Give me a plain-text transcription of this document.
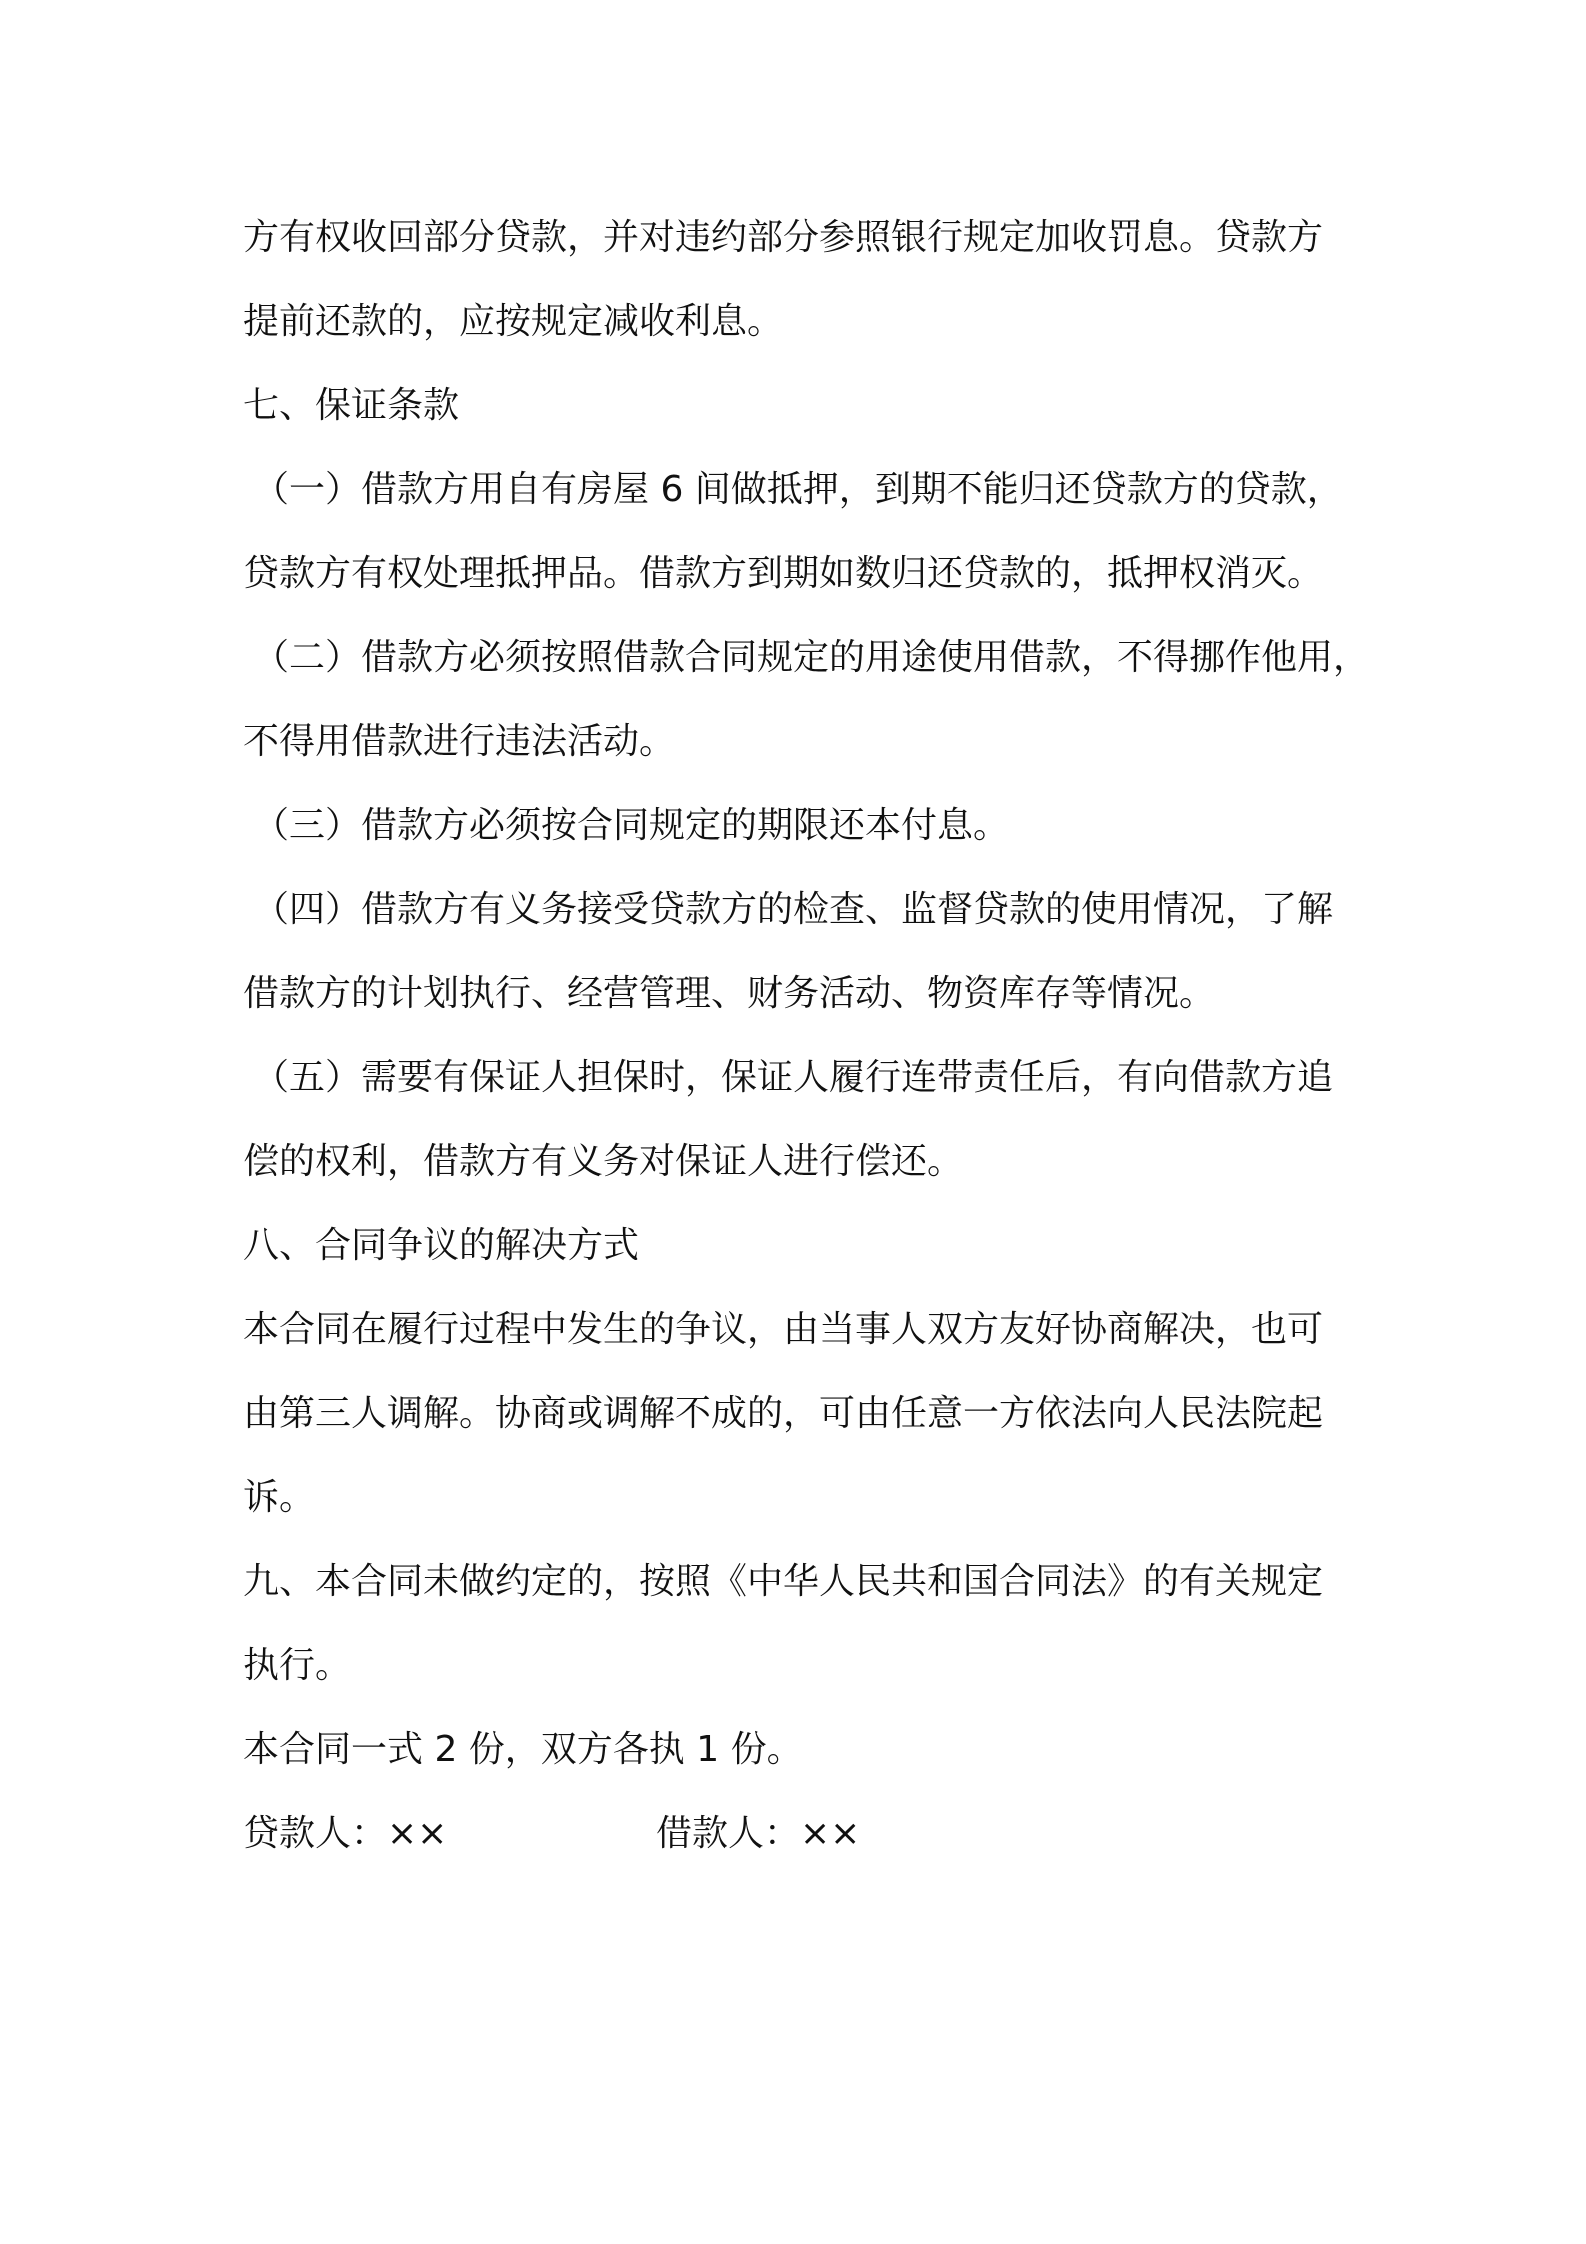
方有权收回部分贷款，并对违约部分参照银行规定加收罚息。贷款方
提前还款的，应按规定减收利息。
七、保证条款
（一）借款方用自有房屋 6 间做抵押，到期不能归还贷款方的贷款，
贷款方有权处理抵押品。借款方到期如数归还贷款的，抵押权消灭。
（二）借款方必须按照借款合同规定的用途使用借款，不得挪作他用，
不得用借款进行违法活动。
（三）借款方必须按合同规定的期限还本付息。
（四）借款方有义务接受贷款方的检查、监督贷款的使用情况，了解
借款方的计划执行、经营管理、财务活动、物资库存等情况。
（五）需要有保证人担保时，保证人履行连带责任后，有向借款方追
偿的权利，借款方有义务对保证人进行偿还。
八、合同争议的解决方式
本合同在履行过程中发生的争议，由当事人双方友好协商解决，也可
由第三人调解。协商或调解不成的，可由任意一方依法向人民法院起
诉。
九、本合同未做约定的，按照《中华人民共和国合同法》的有关规定
执行。
本合同一式 2 份，双方各执 1 份。
贷款人：××	借款人：××
